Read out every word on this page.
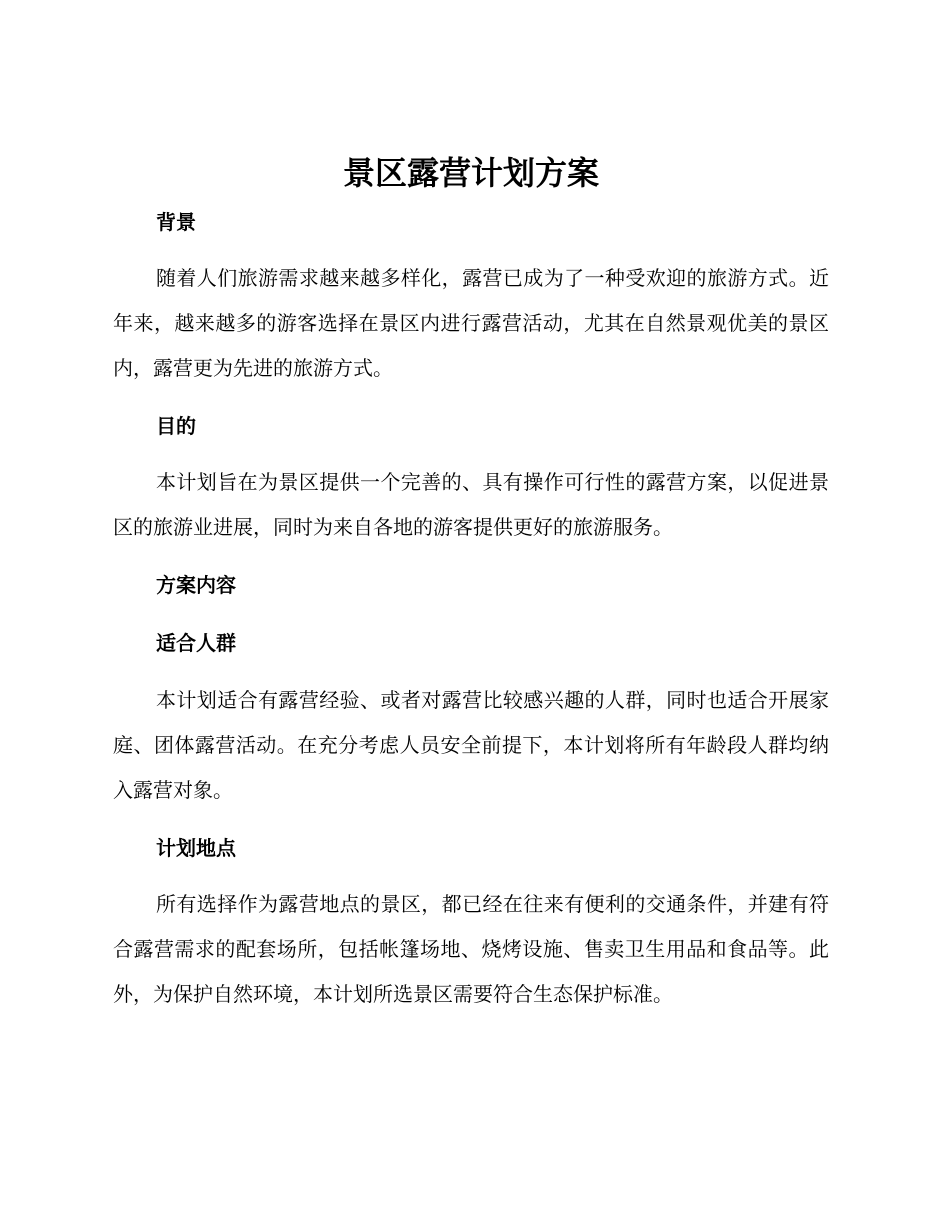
景区露营计划方案
背景

随着人们旅游需求越来越多样化，露营已成为了一种受欢迎的旅游方式。近年来，越来越多的游客选择在景区内进行露营活动，尤其在自然景观优美的景区内，露营更为先进的旅游方式。

目的

本计划旨在为景区提供一个完善的、具有操作可行性的露营方案，以促进景区的旅游业进展，同时为来自各地的游客提供更好的旅游服务。

方案内容
适合人群

本计划适合有露营经验、或者对露营比较感兴趣的人群，同时也适合开展家庭、团体露营活动。在充分考虑人员安全前提下，本计划将所有年龄段人群均纳入露营对象。

计划地点

所有选择作为露营地点的景区，都已经在往来有便利的交通条件，并建有符合露营需求的配套场所，包括帐篷场地、烧烤设施、售卖卫生用品和食品等。此外，为保护自然环境，本计划所选景区需要符合生态保护标准。
